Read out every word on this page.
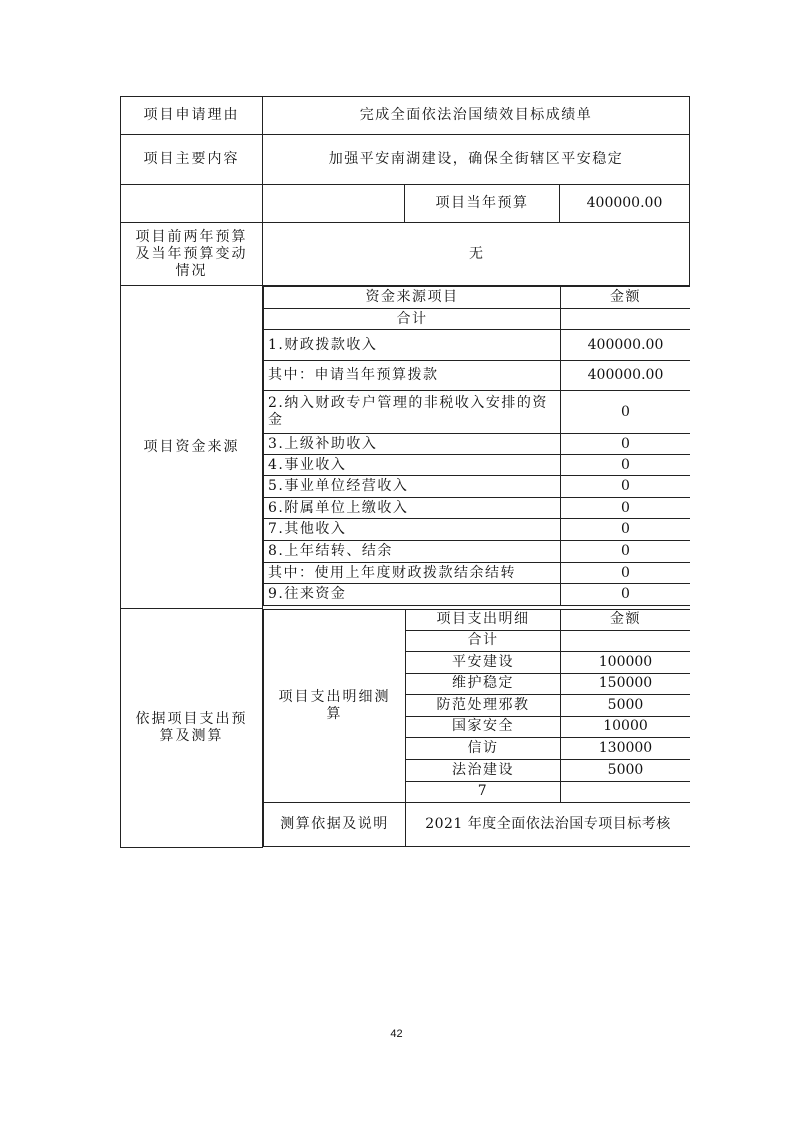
项目申请理由	完成全面依法治国绩效目标成绩单
项目主要内容	加强平安南湖建设，确保全街辖区平安稳定
		项目当年预算	400000.00
项目前两年预算及当年预算变动情况	无
项目资金来源	
资金来源项目	金额
合计	
1.财政拨款收入	400000.00
其中：申请当年预算拨款	400000.00
2.纳入财政专户管理的非税收入安排的资金	0
3.上级补助收入	0
4.事业收入	0
5.事业单位经营收入	0
6.附属单位上缴收入	0
7.其他收入	0
8.上年结转、结余	0
其中：使用上年度财政拨款结余结转	0
9.往来资金	0

依据项目支出预算及测算	
项目支出明细测算	项目支出明细	金额
合计	
平安建设	100000
维护稳定	150000
防范处理邪教	5000
国家安全	10000
信访	130000
法治建设	5000
7	
测算依据及说明	2021 年度全面依法治国专项目标考核
42
